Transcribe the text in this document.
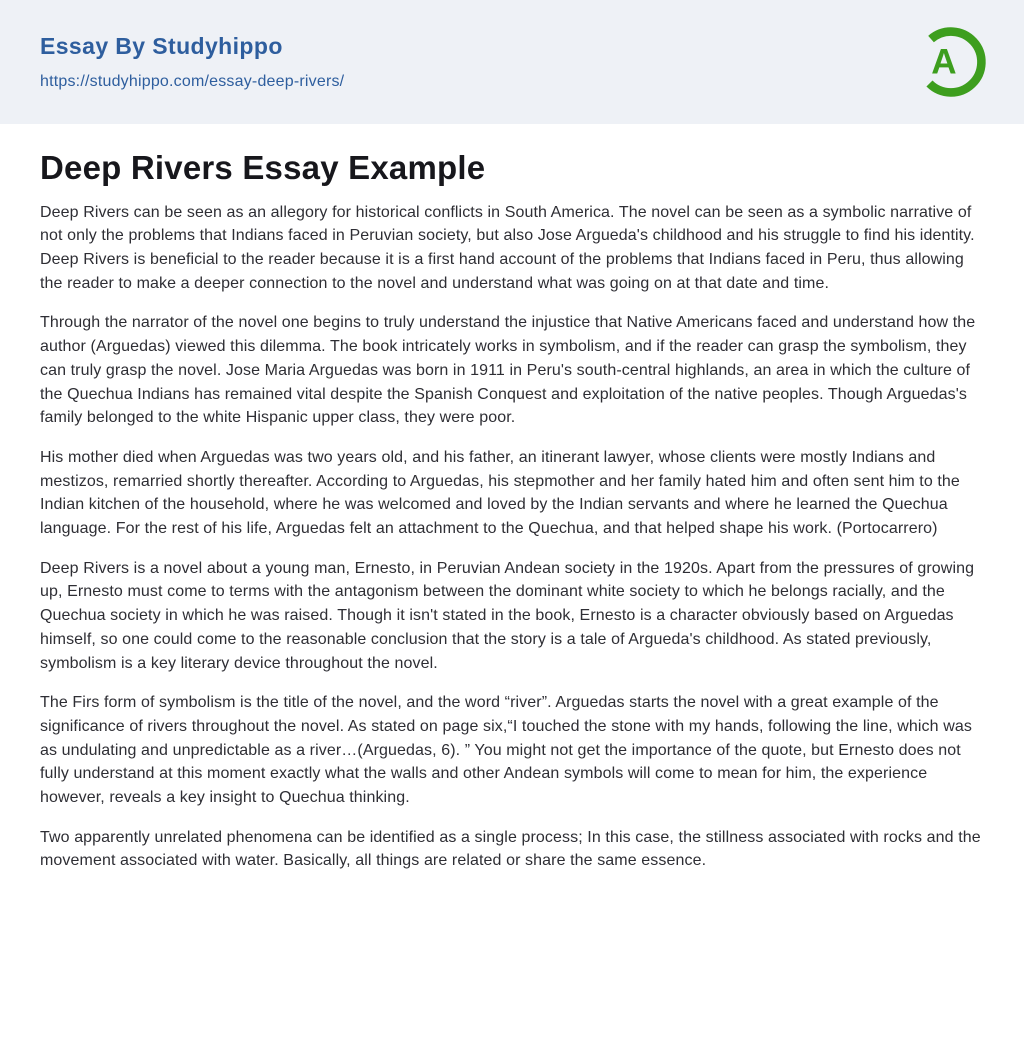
Essay By Studyhippo
https://studyhippo.com/essay-deep-rivers/	A
Deep Rivers Essay Example

Deep Rivers can be seen as an allegory for historical conflicts in South America. The novel can be seen as a symbolic narrative of not only the problems that Indians faced in Peruvian society, but also Jose Argueda's childhood and his struggle to find his identity. Deep Rivers is beneficial to the reader because it is a first hand account of the problems that Indians faced in Peru, thus allowing the reader to make a deeper connection to the novel and understand what was going on at that date and time.

Through the narrator of the novel one begins to truly understand the injustice that Native Americans faced and understand how the author (Arguedas) viewed this dilemma. The book intricately works in symbolism, and if the reader can grasp the symbolism, they can truly grasp the novel. Jose Maria Arguedas was born in 1911 in Peru's south-central highlands, an area in which the culture of the Quechua Indians has remained vital despite the Spanish Conquest and exploitation of the native peoples. Though Arguedas's family belonged to the white Hispanic upper class, they were poor.

His mother died when Arguedas was two years old, and his father, an itinerant lawyer, whose clients were mostly Indians and mestizos, remarried shortly thereafter. According to Arguedas, his stepmother and her family hated him and often sent him to the Indian kitchen of the household, where he was welcomed and loved by the Indian servants and where he learned the Quechua language. For the rest of his life, Arguedas felt an attachment to the Quechua, and that helped shape his work. (Portocarrero)

Deep Rivers is a novel about a young man, Ernesto, in Peruvian Andean society in the 1920s. Apart from the pressures of growing up, Ernesto must come to terms with the antagonism between the dominant white society to which he belongs racially, and the Quechua society in which he was raised. Though it isn't stated in the book, Ernesto is a character obviously based on Arguedas himself, so one could come to the reasonable conclusion that the story is a tale of Argueda's childhood. As stated previously, symbolism is a key literary device throughout the novel.

The Firs form of symbolism is the title of the novel, and the word “river”. Arguedas starts the novel with a great example of the significance of rivers throughout the novel. As stated on page six,“I touched the stone with my hands, following the line, which was as undulating and unpredictable as a river…(Arguedas, 6). ” You might not get the importance of the quote, but Ernesto does not fully understand at this moment exactly what the walls and other Andean symbols will come to mean for him, the experience however, reveals a key insight to Quechua thinking.

Two apparently unrelated phenomena can be identified as a single process; In this case, the stillness associated with rocks and the movement associated with water. Basically, all things are related or share the same essence.
